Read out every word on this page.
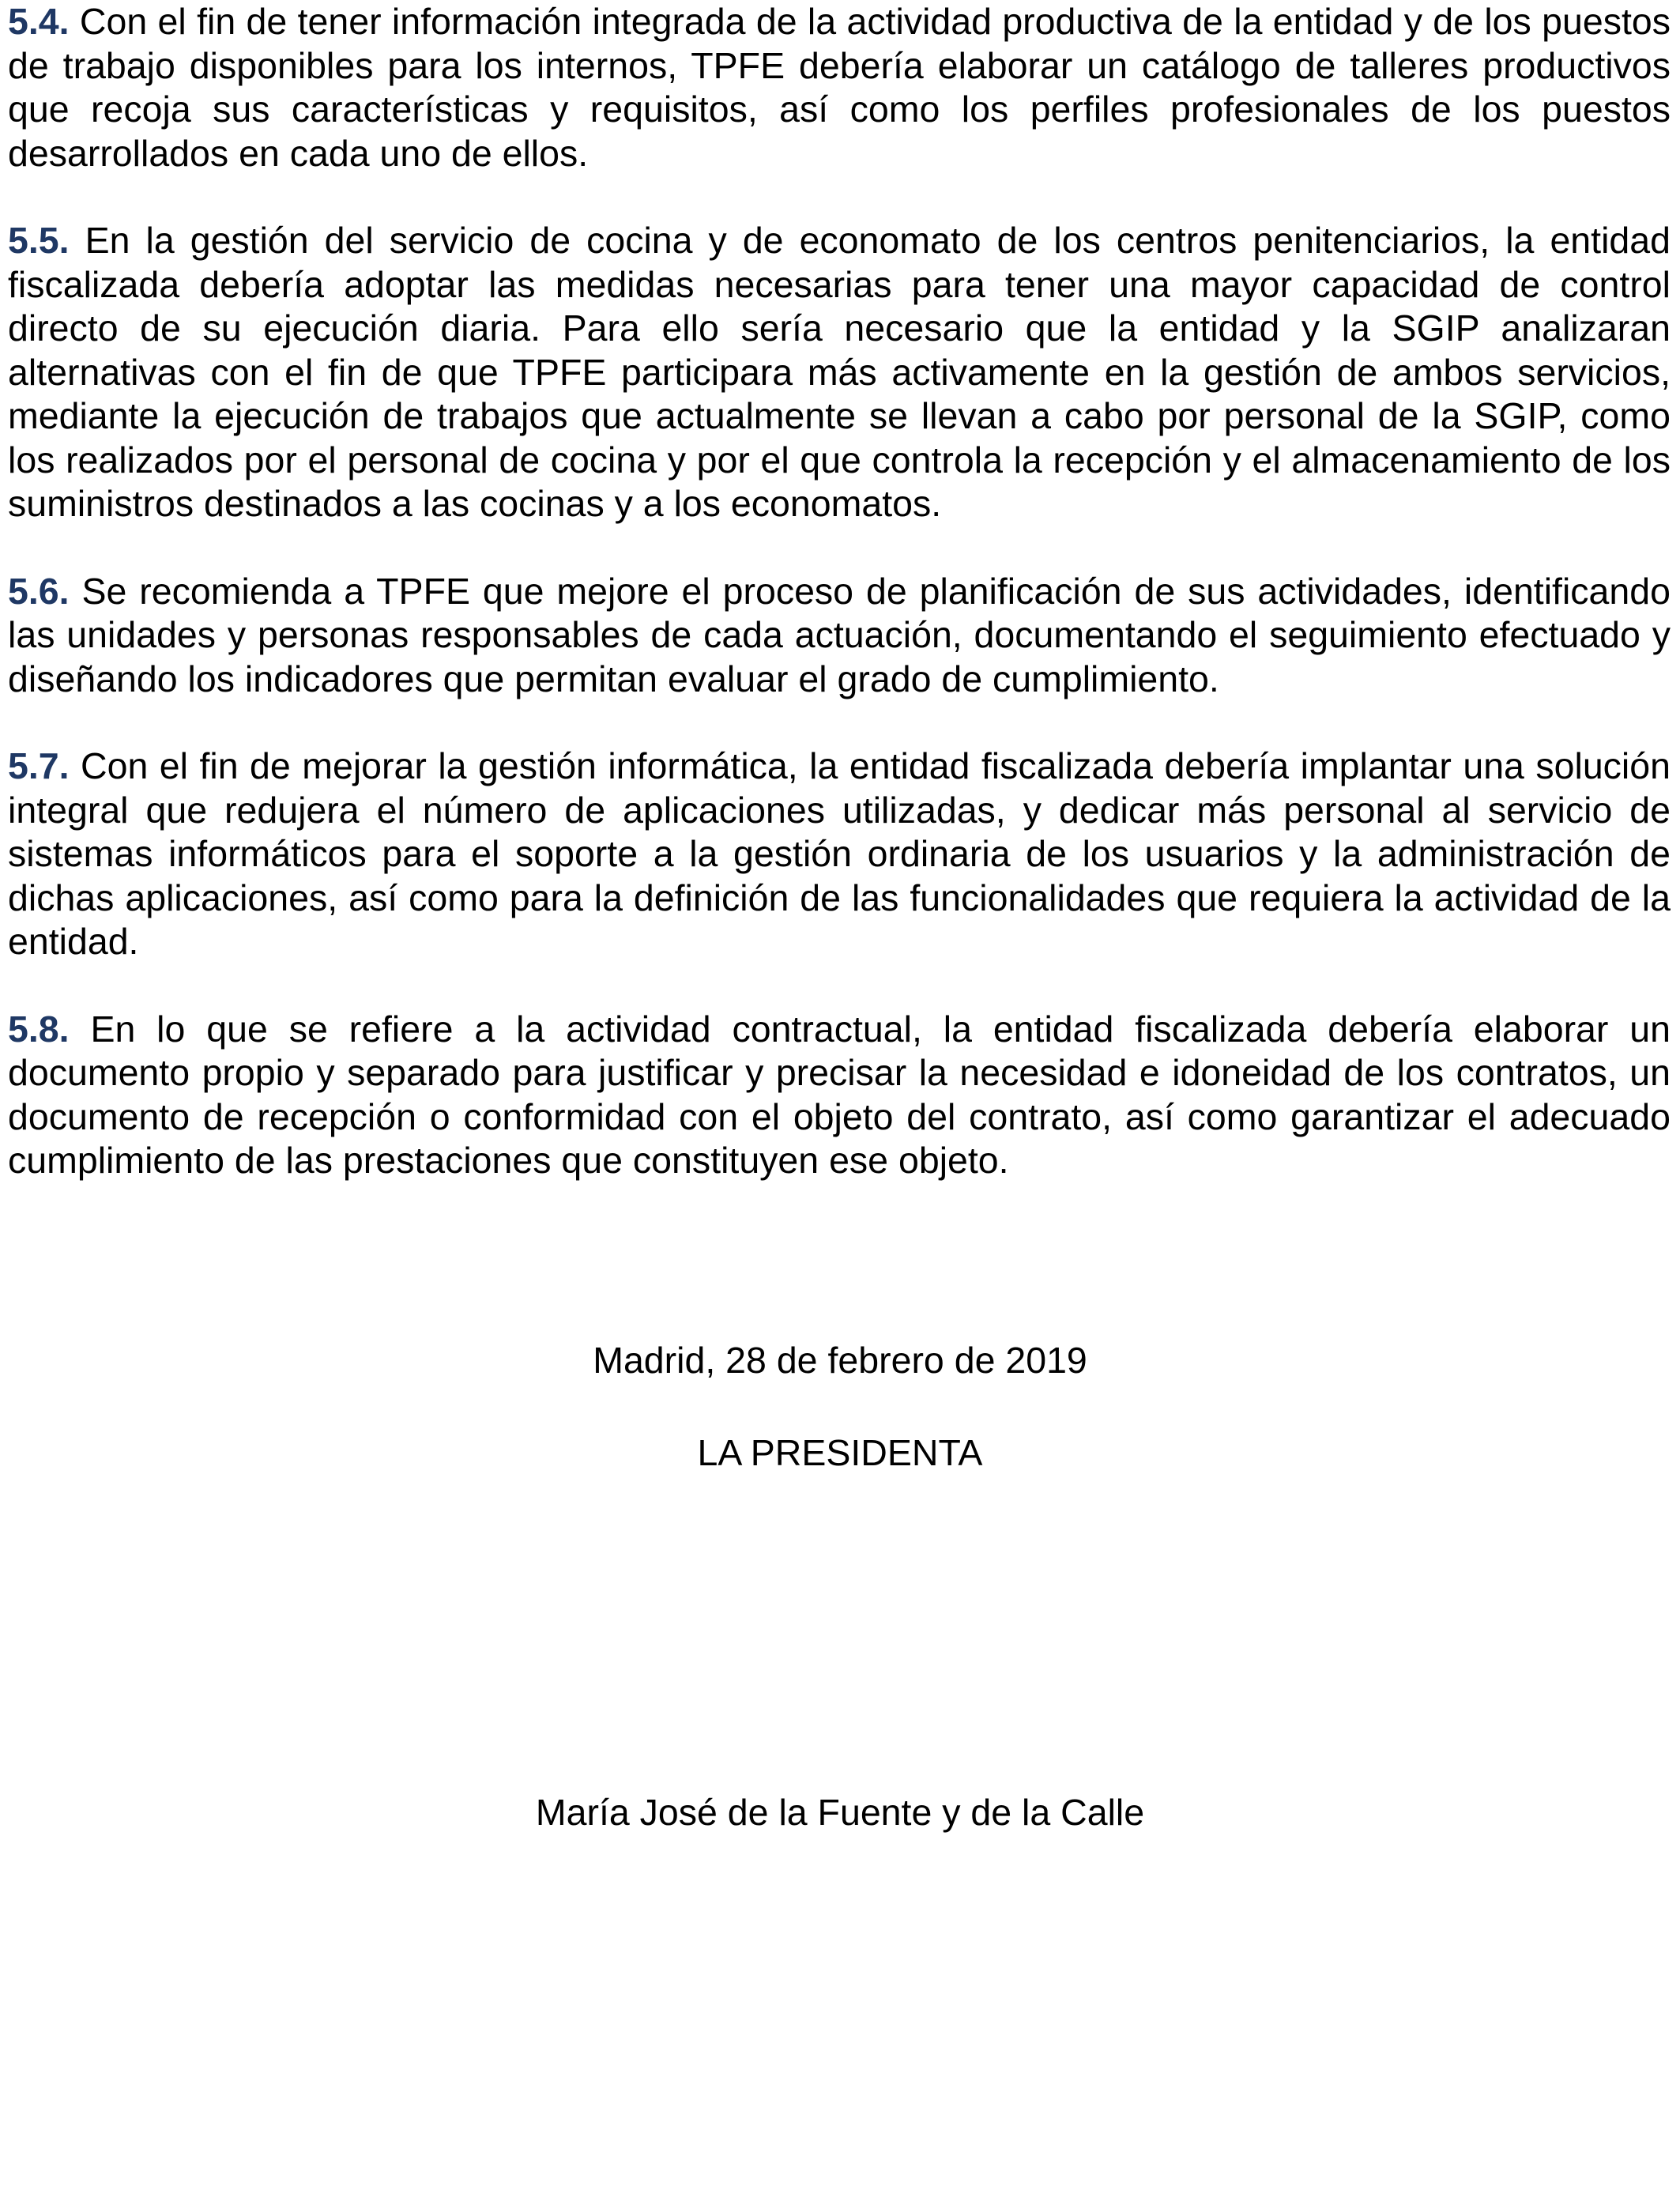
5.4. Con el fin de tener información integrada de la actividad productiva de la entidad y de los puestos de trabajo disponibles para los internos, TPFE debería elaborar un catálogo de talleres productivos que recoja sus características y requisitos, así como los perfiles profesionales de los puestos desarrollados en cada uno de ellos.

5.5. En la gestión del servicio de cocina y de economato de los centros penitenciarios, la entidad fiscalizada debería adoptar las medidas necesarias para tener una mayor capacidad de control directo de su ejecución diaria. Para ello sería necesario que la entidad y la SGIP analizaran alternativas con el fin de que TPFE participara más activamente en la gestión de ambos servicios, mediante la ejecución de trabajos que actualmente se llevan a cabo por personal de la SGIP, como los realizados por el personal de cocina y por el que controla la recepción y el almacenamiento de los suministros destinados a las cocinas y a los economatos.

5.6. Se recomienda a TPFE que mejore el proceso de planificación de sus actividades, identificando las unidades y personas responsables de cada actuación, documentando el seguimiento efectuado y diseñando los indicadores que permitan evaluar el grado de cumplimiento.

5.7. Con el fin de mejorar la gestión informática, la entidad fiscalizada debería implantar una solución integral que redujera el número de aplicaciones utilizadas, y dedicar más personal al servicio de sistemas informáticos para el soporte a la gestión ordinaria de los usuarios y la administración de dichas aplicaciones, así como para la definición de las funcionalidades que requiera la actividad de la entidad.

5.8. En lo que se refiere a la actividad contractual, la entidad fiscalizada debería elaborar un documento propio y separado para justificar y precisar la necesidad e idoneidad de los contratos, un documento de recepción o conformidad con el objeto del contrato, así como garantizar el adecuado cumplimiento de las prestaciones que constituyen ese objeto.

Madrid, 28 de febrero de 2019
LA PRESIDENTA
María José de la Fuente y de la Calle
